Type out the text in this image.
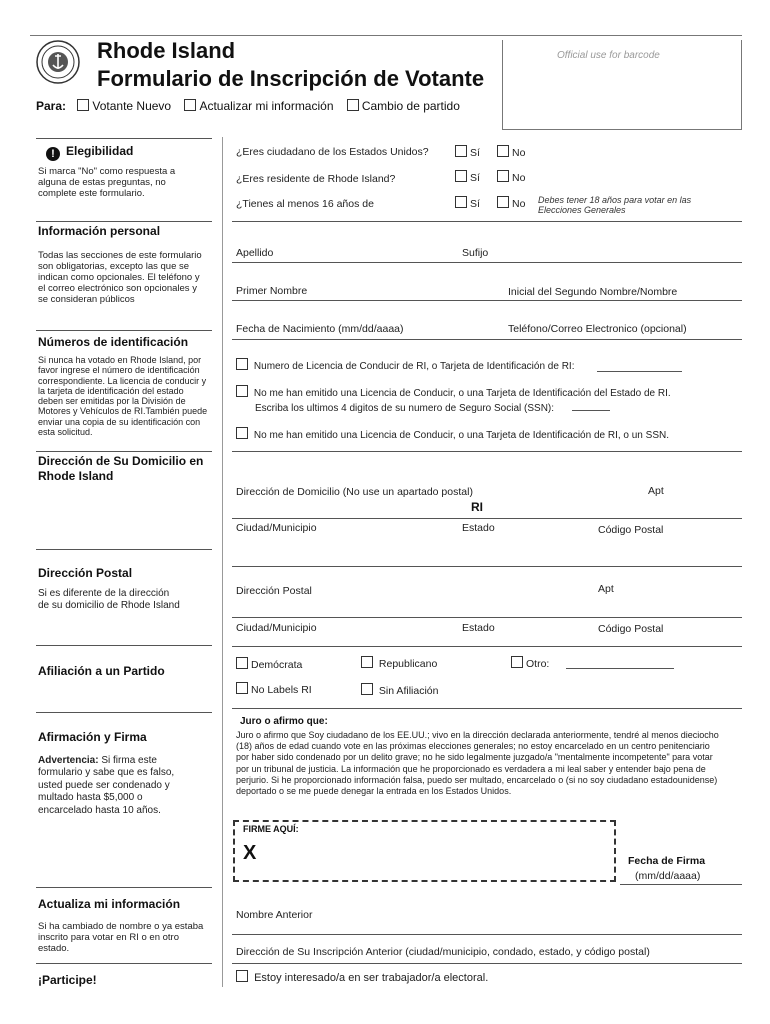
Rhode Island
Formulario de Inscripción de Votante
Official use for barcode
Para: Votante Nuevo Actualizar mi información Cambio de partido
! Elegibilidad
Si marca "No" como respuesta a alguna de estas preguntas, no complete este formulario.
¿Eres ciudadano de los Estados Unidos?	Sí	No
¿Eres residente de Rhode Island?	Sí	No
¿Tienes al menos 16 años de	Sí	No Debes tener 18 años para votar en las Elecciones Generales
Información personal
Todas las secciones de este formulario son obligatorias, excepto las que se indican como opcionales. El teléfono y el correo electrónico son opcionales y se consideran públicos
Apellido	Sufijo
Primer Nombre	Inicial del Segundo Nombre/Nombre
Fecha de Nacimiento (mm/dd/aaaa)	Teléfono/Correo Electronico (opcional)
Números de identificación
Si nunca ha votado en Rhode Island, por favor ingrese el número de identificación correspondiente. La licencia de conducir y la tarjeta de identificación del estado deben ser emitidas por la División de Motores y Vehículos de RI.También puede enviar una copia de su identificación con esta solicitud.
Numero de Licencia de Conducir de RI, o Tarjeta de Identificación de RI:
No me han emitido una Licencia de Conducir, o una Tarjeta de Identificación del Estado de RI.
Escriba los ultimos 4 digitos de su numero de Seguro Social (SSN):
No me han emitido una Licencia de Conducir, o una Tarjeta de Identificación de RI, o un SSN.
Dirección de Su Domicilio en Rhode Island
Dirección de Domicilio (No use un apartado postal)	Apt
RI
Ciudad/Municipio	Estado	Código Postal
Dirección Postal
Si es diferente de la dirección de su domicilio de Rhode Island
Dirección Postal	Apt
Ciudad/Municipio	Estado	Código Postal
Afiliación a un Partido	Demócrata	Republicano	Otro:
No Labels RI	Sin Afiliación
Afirmación y Firma
Advertencia: Si firma este formulario y sabe que es falso, usted puede ser condenado y multado hasta $5,000 o encarcelado hasta 10 años.
Juro o afirmo que:
Juro o afirmo que Soy ciudadano de los EE.UU.; vivo en la dirección declarada anteriormente, tendré al menos dieciocho (18) años de edad cuando vote en las próximas elecciones generales; no estoy encarcelado en un centro penitenciario por haber sido condenado por un delito grave; no he sido legalmente juzgado/a "mentalmente incompetente" para votar por un tribunal de justicia. La información que he proporcionado es verdadera a mi leal saber y entender bajo pena de perjurio. Si he proporcionado información falsa, puedo ser multado, encarcelado o (si no soy ciudadano estadounidense) deportado o se me puede denegar la entrada en los Estados Unidos.
FIRME AQUÍ:
X	Fecha de Firma
(mm/dd/aaaa)
Actualiza mi información
Si ha cambiado de nombre o ya estaba inscrito para votar en RI o en otro estado.
Nombre Anterior
Dirección de Su Inscripción Anterior (ciudad/municipio, condado, estado, y código postal)
¡Participe!	Estoy interesado/a en ser trabajador/a electoral.
